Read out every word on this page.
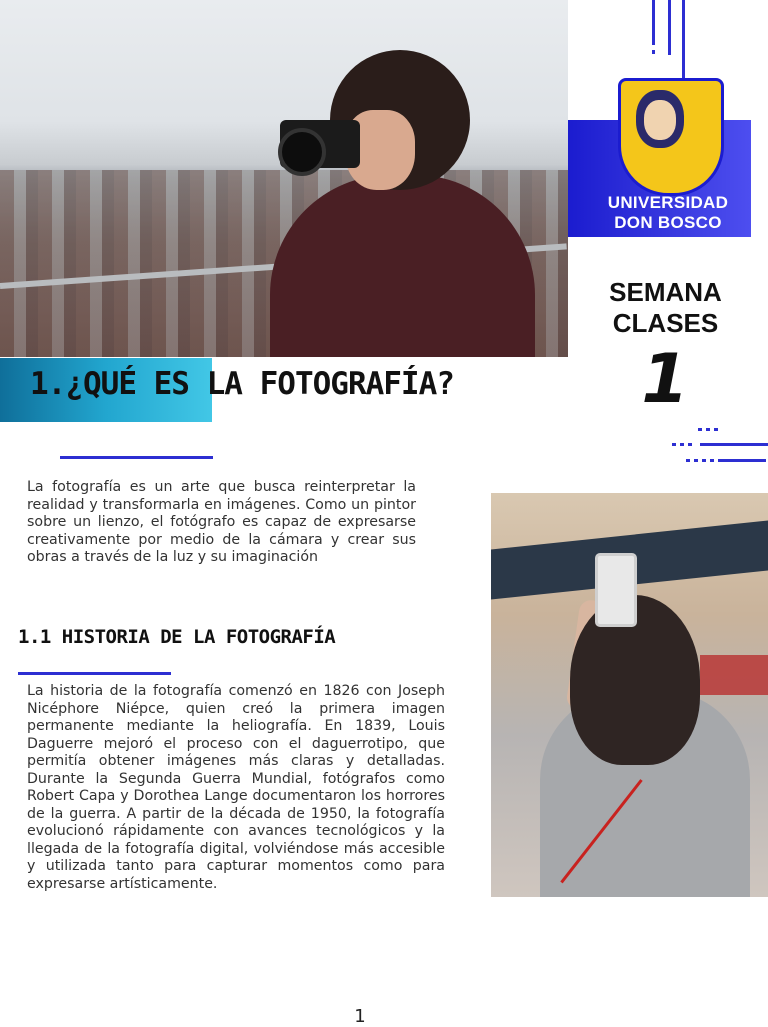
UNIVERSIDAD
DON BOSCO
SEMANA
CLASES
1
1.¿QUÉ ES LA FOTOGRAFÍA?
La fotografía es un arte que busca reinterpretar la realidad y transformarla en imágenes. Como un pintor sobre un lienzo, el fotógrafo es capaz de expresarse creativamente por medio de la cámara y crear sus obras a través de la luz y su imaginación
1.1 HISTORIA DE LA FOTOGRAFÍA
La historia de la fotografía comenzó en 1826 con Joseph Nicéphore Niépce, quien creó la primera imagen permanente mediante la heliografía. En 1839, Louis Daguerre mejoró el proceso con el daguerrotipo, que permitía obtener imágenes más claras y detalladas. Durante la Segunda Guerra Mundial, fotógrafos como Robert Capa y Dorothea Lange documentaron los horrores de la guerra. A partir de la década de 1950, la fotografía evolucionó rápidamente con avances tecnológicos y la llegada de la fotografía digital, volviéndose más accesible y utilizada tanto para capturar momentos como para expresarse artísticamente.
1
